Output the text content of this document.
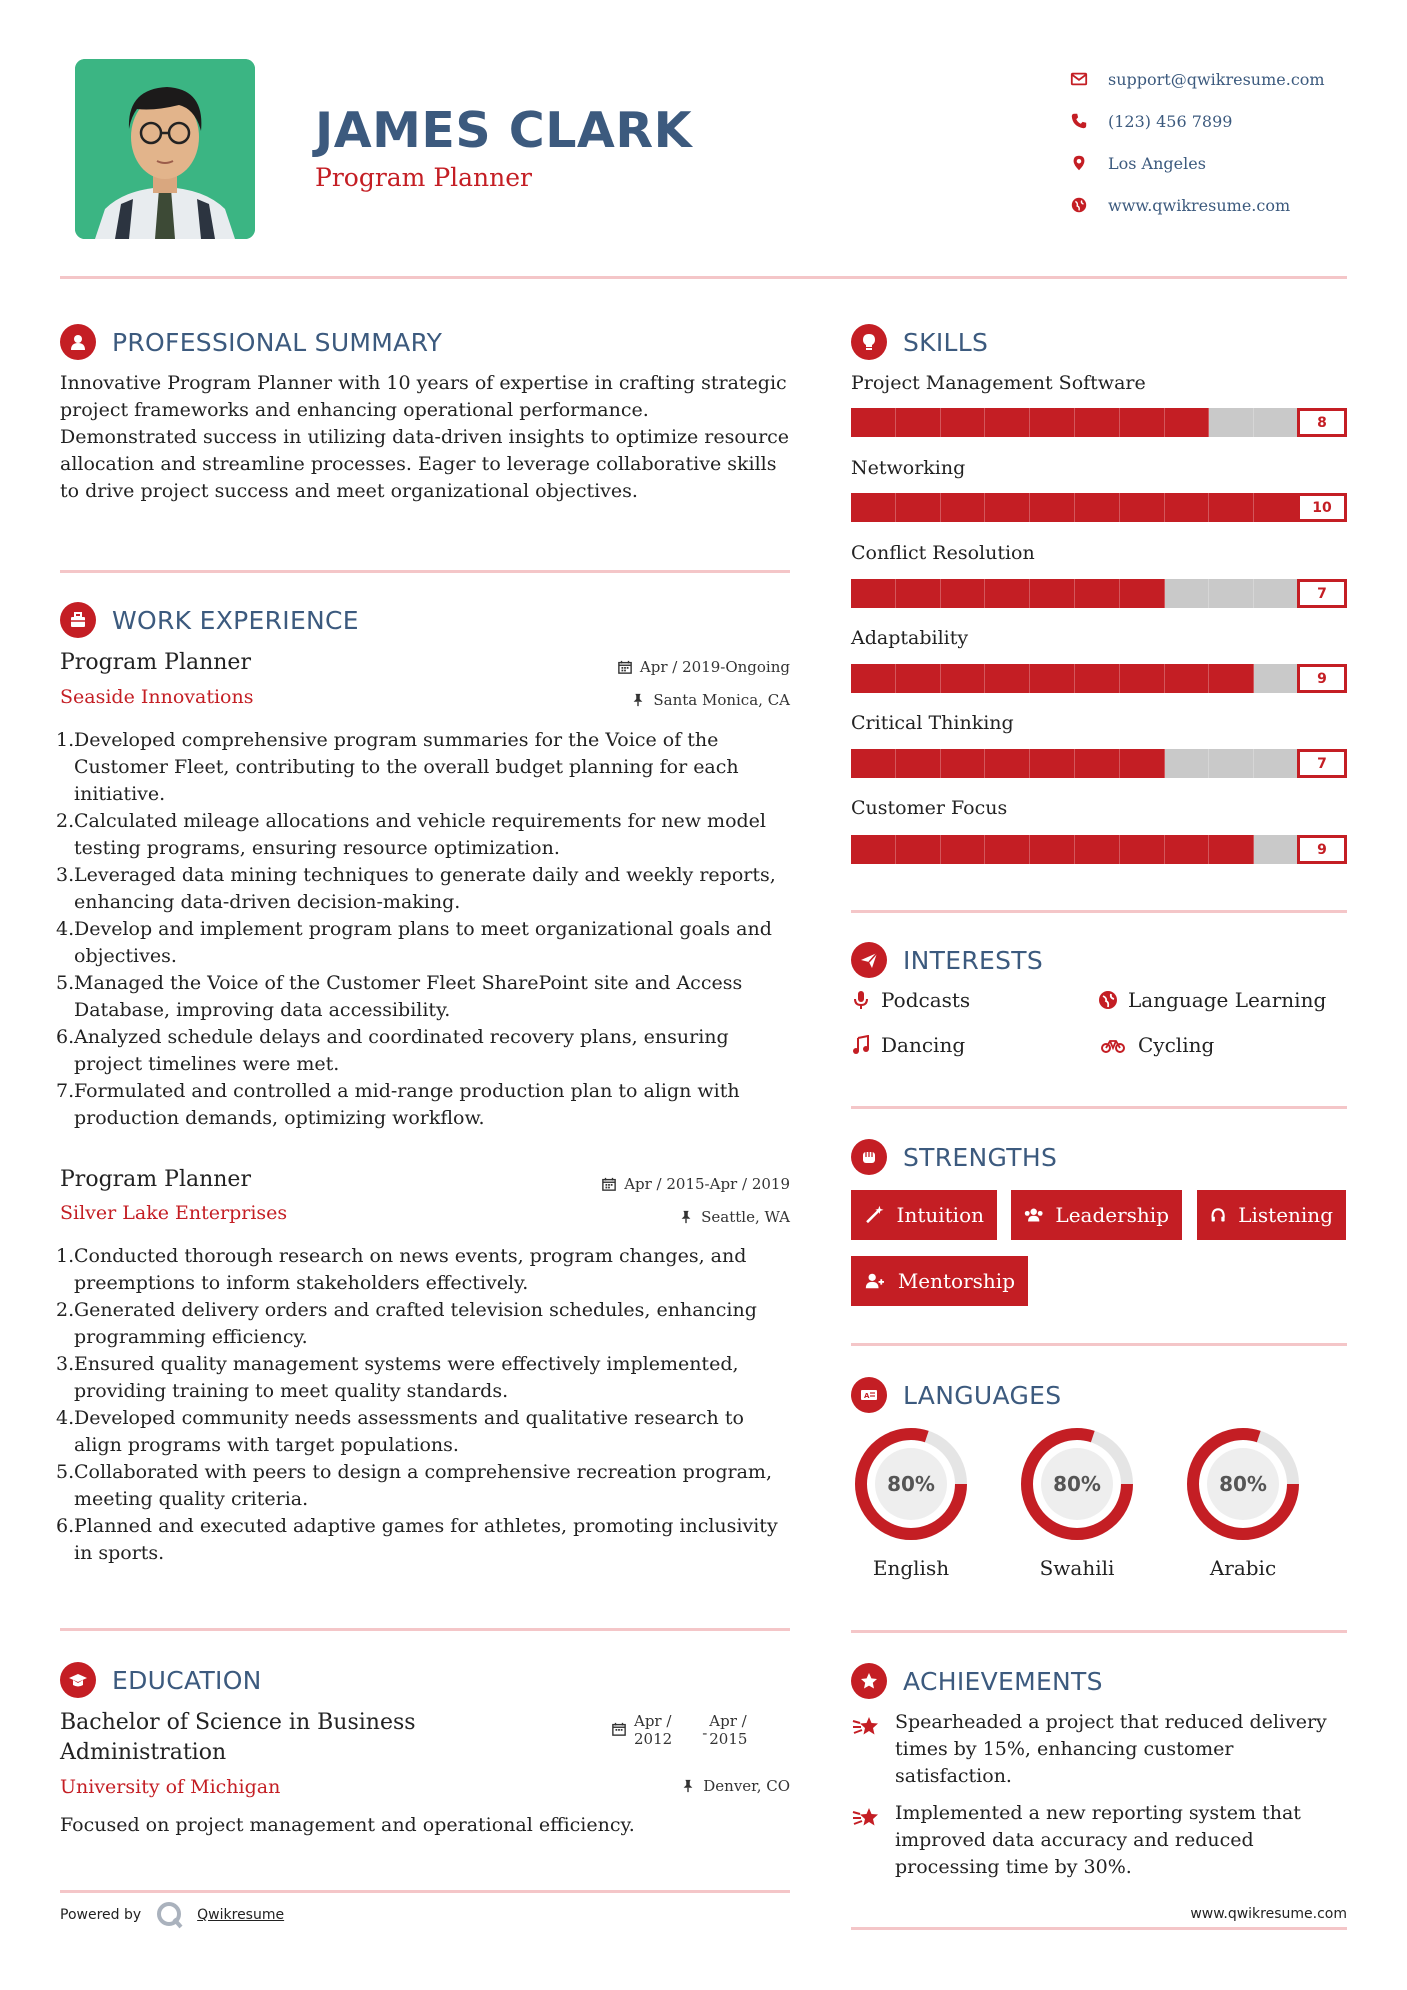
JAMES CLARK
Program Planner
support@qwikresume.com
(123) 456 7899
Los Angeles
www.qwikresume.com
PROFESSIONAL SUMMARY
Innovative Program Planner with 10 years of expertise in crafting strategic project frameworks and enhancing operational performance. Demonstrated success in utilizing data-driven insights to optimize resource allocation and streamline processes. Eager to leverage collaborative skills to drive project success and meet organizational objectives.
WORK EXPERIENCE
Program Planner	Apr / 2019-Ongoing
Seaside Innovations	Santa Monica, CA
1. Developed comprehensive program summaries for the Voice of the Customer Fleet, contributing to the overall budget planning for each initiative.
2. Calculated mileage allocations and vehicle requirements for new model testing programs, ensuring resource optimization.
3. Leveraged data mining techniques to generate daily and weekly reports, enhancing data-driven decision-making.
4. Develop and implement program plans to meet organizational goals and objectives.
5. Managed the Voice of the Customer Fleet SharePoint site and Access Database, improving data accessibility.
6. Analyzed schedule delays and coordinated recovery plans, ensuring project timelines were met.
7. Formulated and controlled a mid-range production plan to align with production demands, optimizing workflow.
Program Planner	Apr / 2015-Apr / 2019
Silver Lake Enterprises	Seattle, WA
1. Conducted thorough research on news events, program changes, and preemptions to inform stakeholders effectively.
2. Generated delivery orders and crafted television schedules, enhancing programming efficiency.
3. Ensured quality management systems were effectively implemented, providing training to meet quality standards.
4. Developed community needs assessments and qualitative research to align programs with target populations.
5. Collaborated with peers to design a comprehensive recreation program, meeting quality criteria.
6. Planned and executed adaptive games for athletes, promoting inclusivity in sports.
EDUCATION
Bachelor of Science in Business
Administration
Apr /
2012 -
Apr /
2015
University of Michigan	Denver, CO
Focused on project management and operational efficiency.
SKILLS
Project Management Software
8
Networking
10
Conflict Resolution
7
Adaptability
9
Critical Thinking
7
Customer Focus
9
INTERESTS
Podcasts	Language Learning
Dancing	Cycling
STRENGTHS
Intuition	Leadership	Listening
Mentorship
A LANGUAGES
80%
English
80%
Swahili
80%
Arabic
ACHIEVEMENTS
Spearheaded a project that reduced delivery times by 15%, enhancing customer satisfaction.
Implemented a new reporting system that improved data accuracy and reduced processing time by 30%.
Powered by	Qwikresume	www.qwikresume.com
